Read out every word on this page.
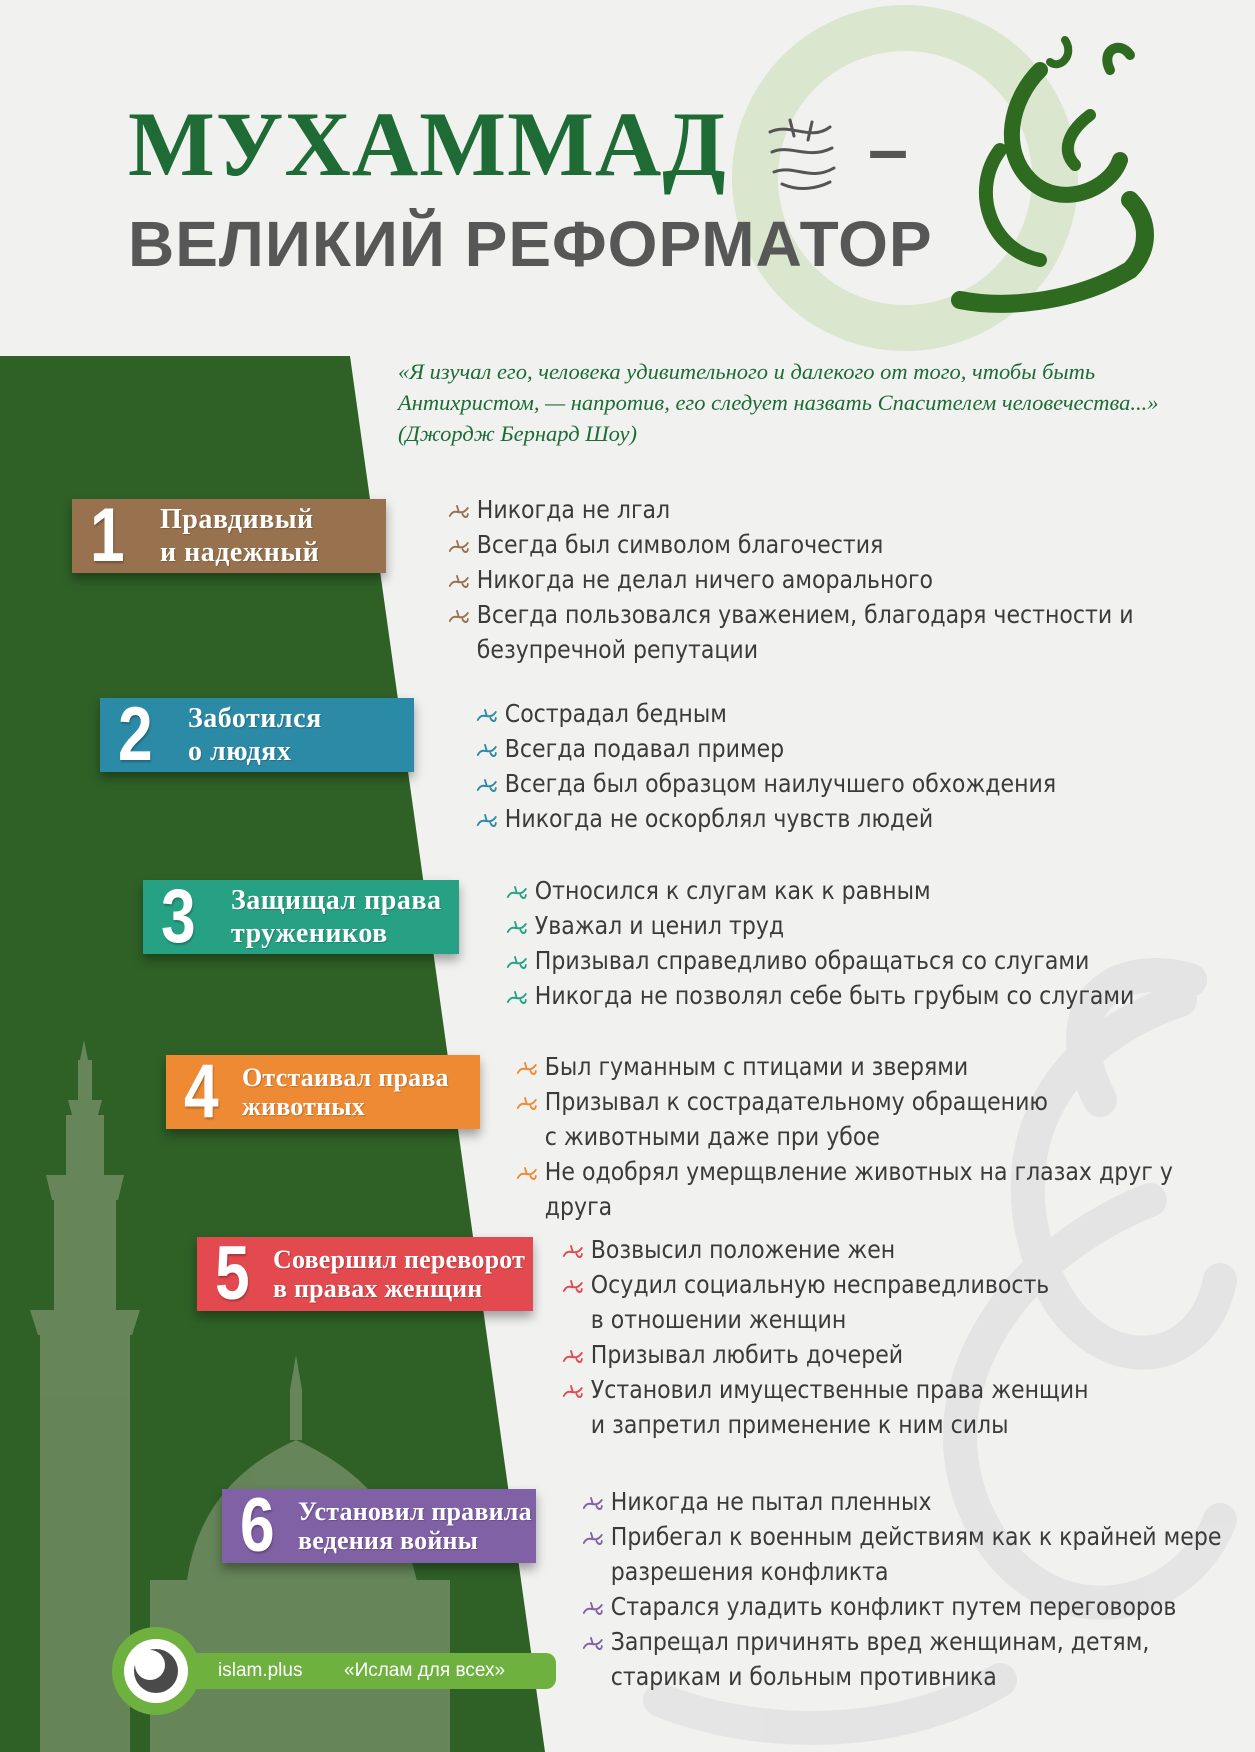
МУХАММАД –
ВЕЛИКИЙ РЕФОРМАТОР
«Я изучал его, человека удивительного и далекого от того, чтобы быть Антихристом, — напротив, его следует назвать Спасителем человечества...» (Джордж Бернард Шоу)
1	Правдивый
и надежный
Никогда не лгал
Всегда был символом благочестия
Никогда не делал ничего аморального
Всегда пользовался уважением, благодаря честности и
безупречной репутации
2	Заботился
о людях
Сострадал бедным
Всегда подавал пример
Всегда был образцом наилучшего обхождения
Никогда не оскорблял чувств людей
3	Защищал права
тружеников
Относился к слугам как к равным
Уважал и ценил труд
Призывал справедливо обращаться со слугами
Никогда не позволял себе быть грубым со слугами
4 Отстаивал права
животных
Был гуманным с птицами и зверями
Призывал к сострадательному обращению
с животными даже при убое
Не одобрял умерщвление животных на глазах друг у друга
5 Совершил переворот
в правах женщин
Возвысил положение жен
Осудил социальную несправедливость
в отношении женщин
Призывал любить дочерей
Установил имущественные права женщин
и запретил применение к ним силы
6 Установил правила
ведения войны
Никогда не пытал пленных
Прибегал к военным действиям как к крайней мере
разрешения конфликта
Старался уладить конфликт путем переговоров
Запрещал причинять вред женщинам, детям,
старикам и больным противника
islam.plus «Ислам для всех»
